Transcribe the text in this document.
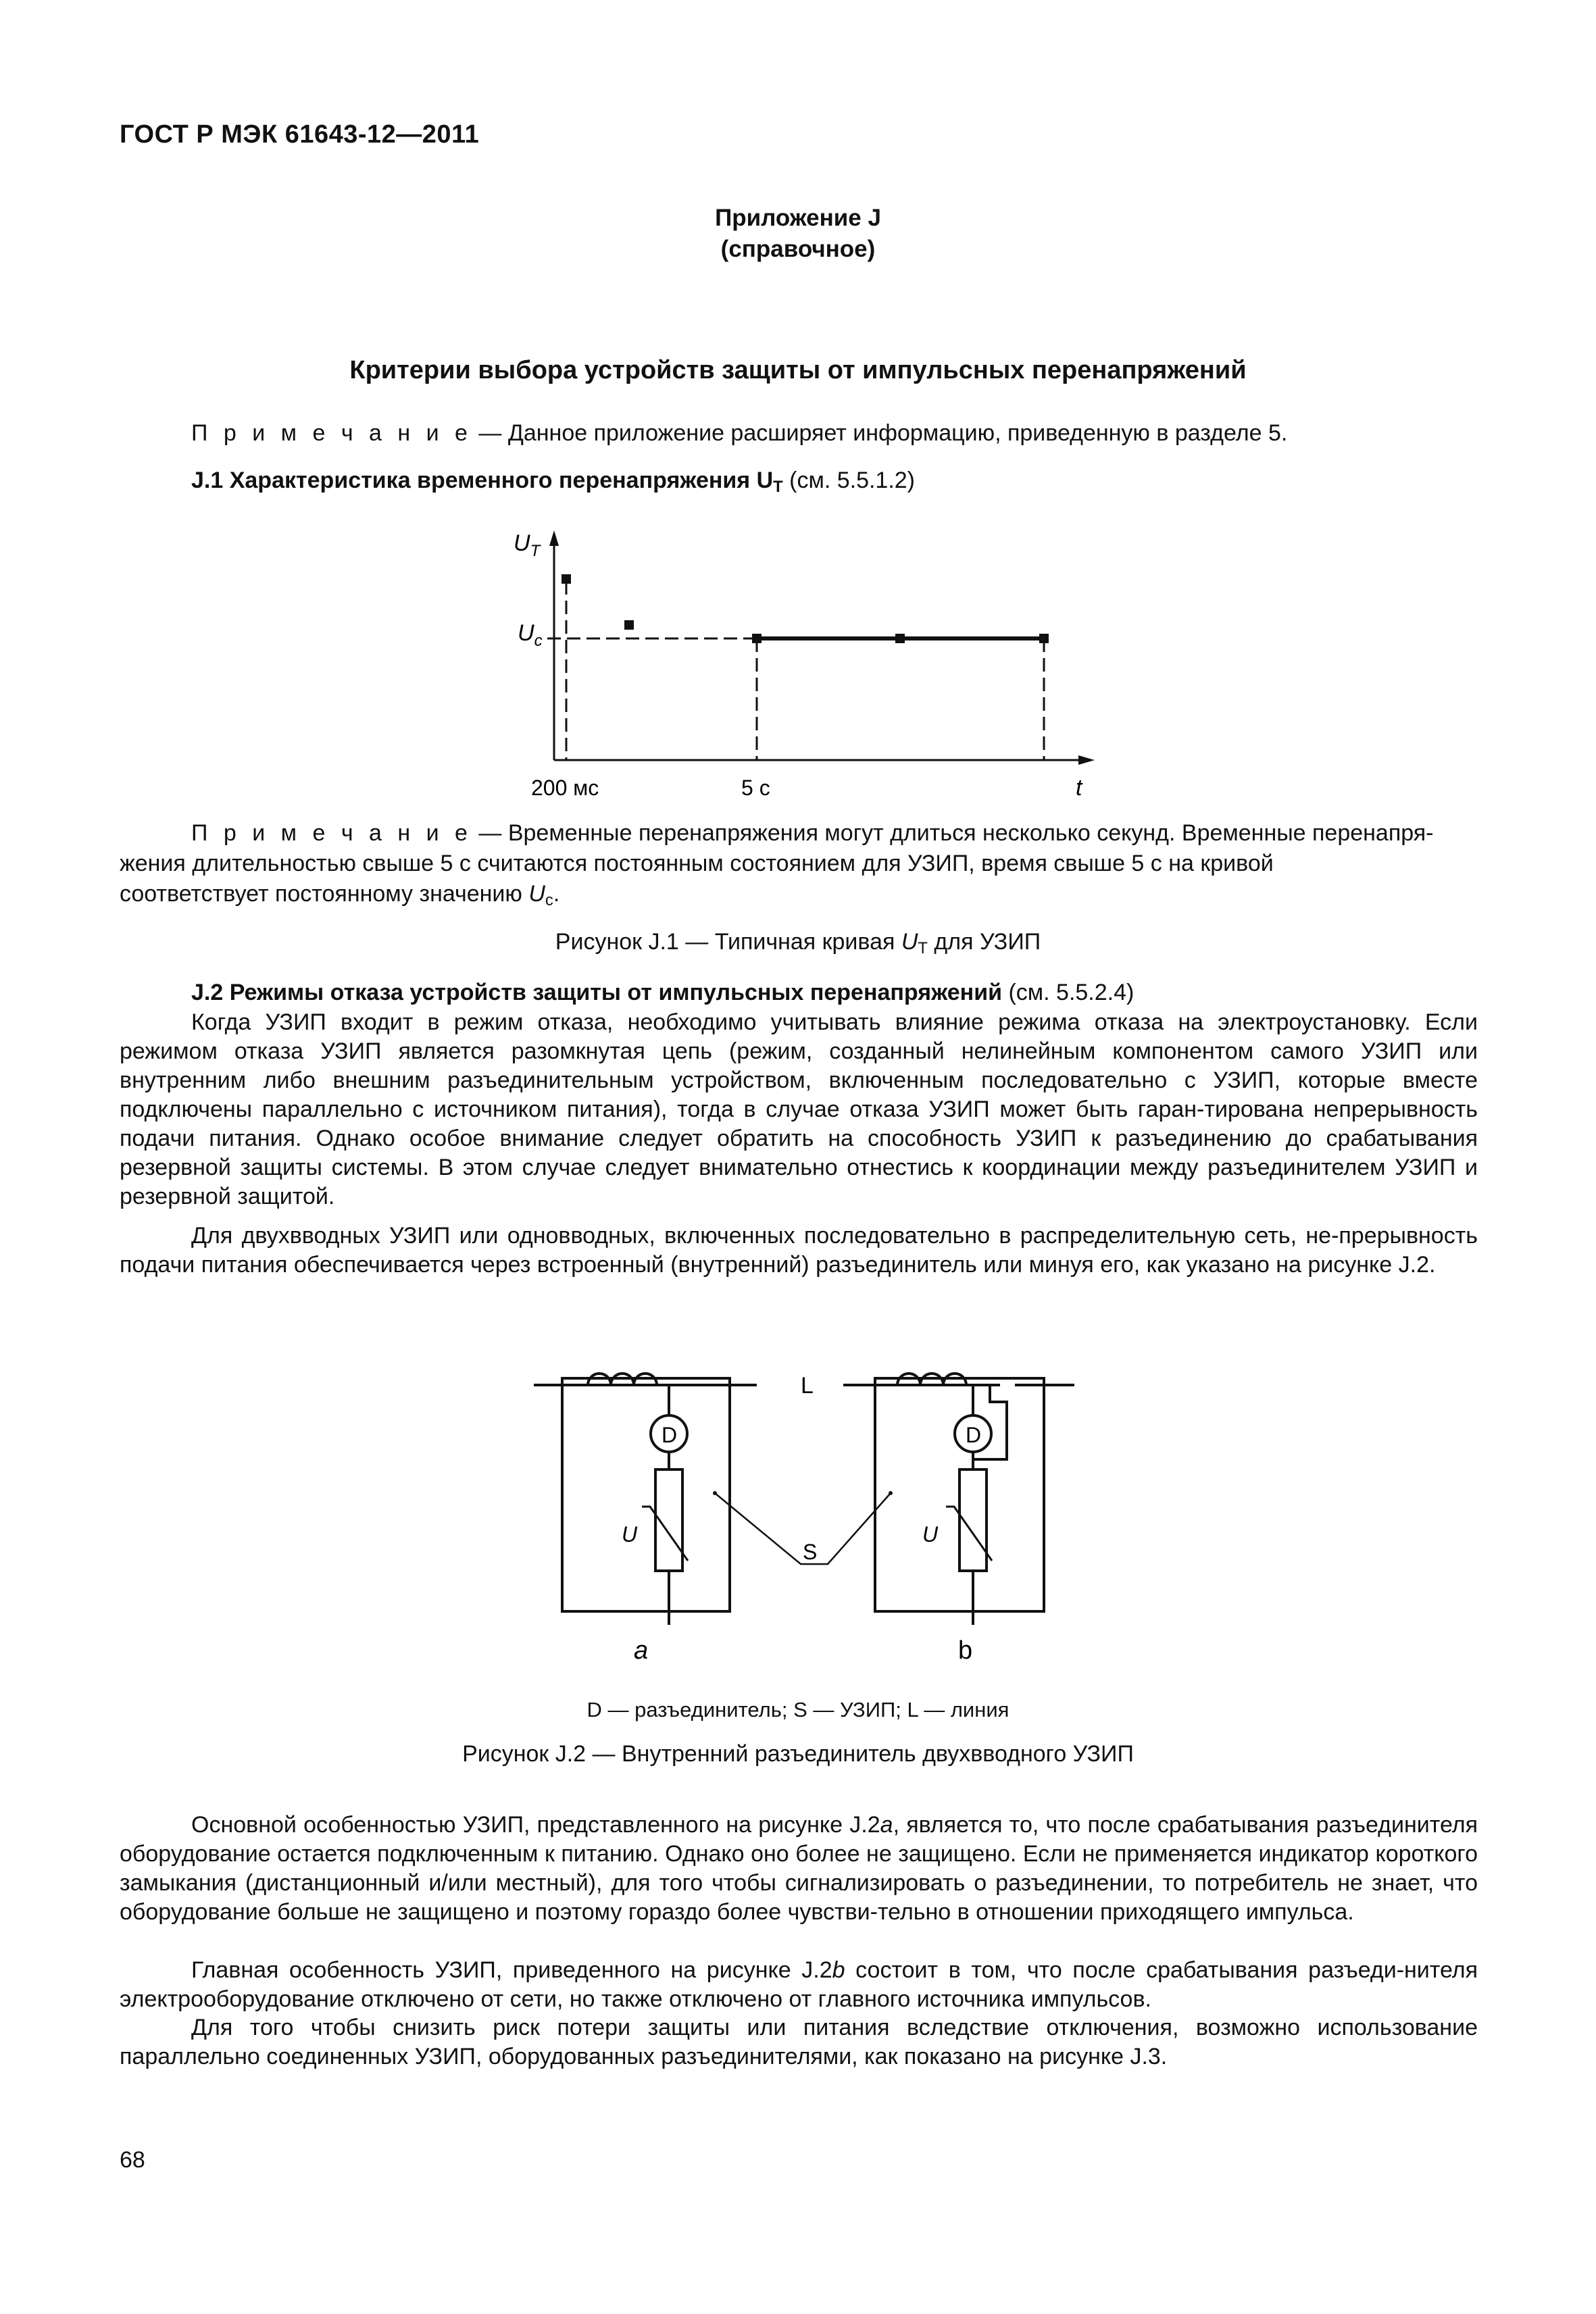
ГОСТ Р МЭК 61643-12—2011
Приложение J
(справочное)
Критерии выбора устройств защиты от импульсных перенапряжений
П р и м е ч а н и е — Данное приложение расширяет информацию, приведенную в разделе 5.
J.1 Характеристика временного перенапряжения $U_T$ (см. 5.5.1.2)
$U_T$
$U_c$
200 мс	5 с	t
П р и м е ч а н и е — Временные перенапряжения могут длиться несколько секунд. Временные перенапря-
жения длительностью свыше 5 с считаются постоянным состоянием для УЗИП, время свыше 5 с на кривой
соответствует постоянному значению $U_c$.
Рисунок J.1 — Типичная кривая $U_T$ для УЗИП
J.2 Режимы отказа устройств защиты от импульсных перенапряжений (см. 5.5.2.4)
Когда УЗИП входит в режим отказа, необходимо учитывать влияние режима отказа на электроустановку. Если режимом отказа УЗИП является разомкнутая цепь (режим, созданный нелинейным компонентом самого УЗИП или внутренним либо внешним разъединительным устройством, включенным последовательно с УЗИП, которые вместе подключены параллельно с источником питания), тогда в случае отказа УЗИП может быть гаран-тирована непрерывность подачи питания. Однако особое внимание следует обратить на способность УЗИП к разъединению до срабатывания резервной защиты системы. В этом случае следует внимательно отнестись к координации между разъединителем УЗИП и резервной защитой.
Для двухвводных УЗИП или одновводных, включенных последовательно в распределительную сеть, не-прерывность подачи питания обеспечивается через встроенный (внутренний) разъединитель или минуя его, как указано на рисунке J.2.
L
D
U
a
D
U
b
S
D — разъединитель; S — УЗИП; L — линия
Рисунок J.2 — Внутренний разъединитель двухвводного УЗИП
Основной особенностью УЗИП, представленного на рисунке J.2a, является то, что после срабатывания разъединителя оборудование остается подключенным к питанию. Однако оно более не защищено. Если не применяется индикатор короткого замыкания (дистанционный и/или местный), для того чтобы сигнализировать о разъединении, то потребитель не знает, что оборудование больше не защищено и поэтому гораздо более чувстви-тельно в отношении приходящего импульса.
Главная особенность УЗИП, приведенного на рисунке J.2b состоит в том, что после срабатывания разъеди-нителя электрооборудование отключено от сети, но также отключено от главного источника импульсов.
Для того чтобы снизить риск потери защиты или питания вследствие отключения, возможно использование параллельно соединенных УЗИП, оборудованных разъединителями, как показано на рисунке J.3.
68
